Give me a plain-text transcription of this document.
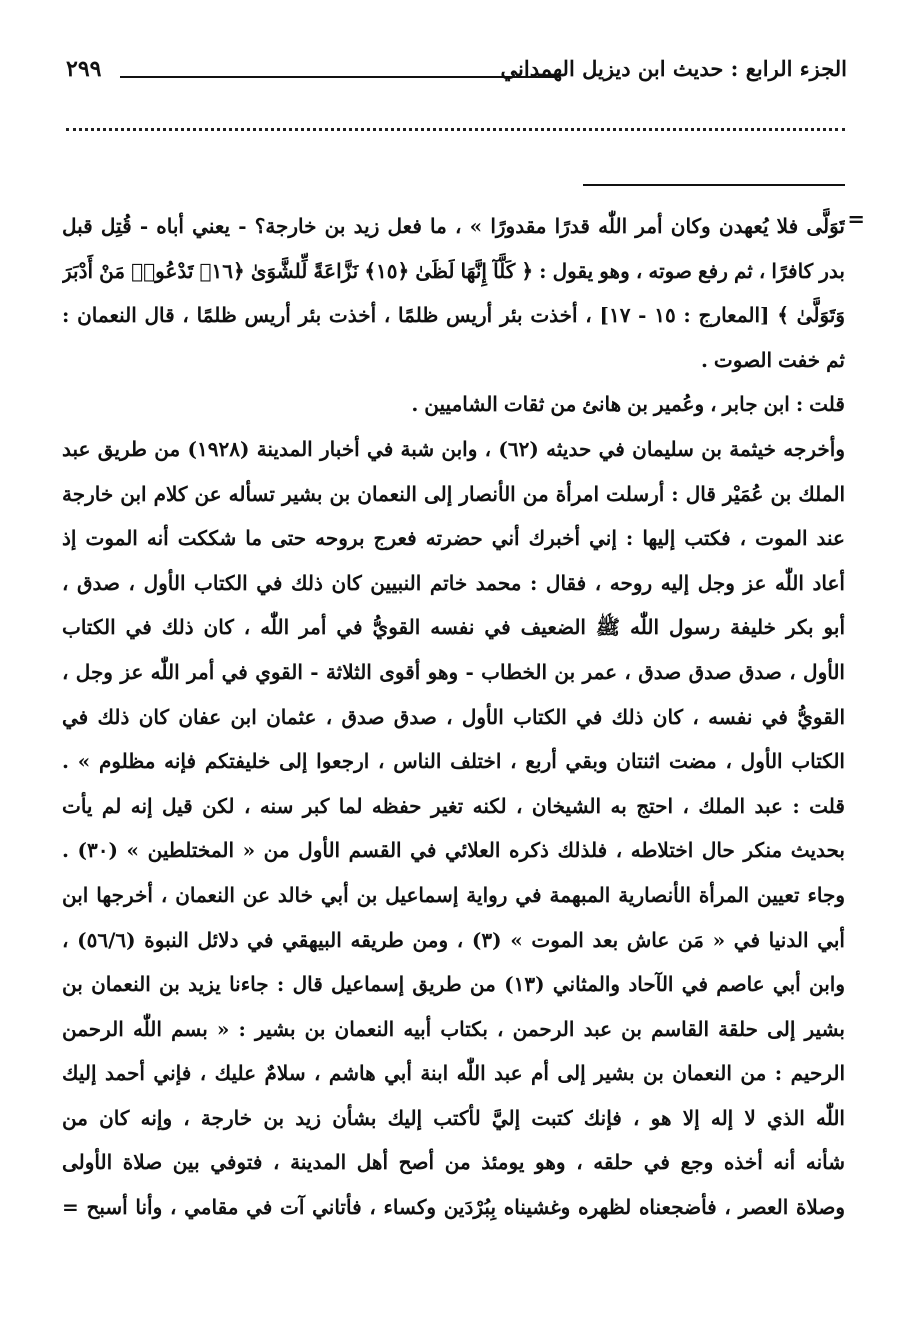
الجزء الرابع : حديث ابن ديزيل الهمداني
٢٩٩
=
تَوَلَّى فلا يُعهدن وكان أمر اللّٰه قدرًا مقدورًا » ، ما فعل زيد بن خارجة؟ - يعني أباه - قُتِل قبل
بدر كافرًا ، ثم رفع صوته ، وهو يقول : ﴿ كَلَّآ إِنَّهَا لَظَىٰ ﴿١٥﴾ نَزَّاعَةً لِّلشَّوَىٰ ﴿١٦﴾ تَدْعُوا۟ مَنْ أَدْبَرَ
وَتَوَلَّىٰ ﴾ [المعارج : ١٥ - ١٧] ، أخذت بئر أريس ظلمًا ، أخذت بئر أريس ظلمًا ، قال النعمان :
ثم خفت الصوت .
قلت : ابن جابر ، وعُمير بن هانئ من ثقات الشاميين .
وأخرجه خيثمة بن سليمان في حديثه (٦٢) ، وابن شبة في أخبار المدينة (١٩٢٨) من طريق عبد
الملك بن عُمَيْر قال : أرسلت امرأة من الأنصار إلى النعمان بن بشير تسأله عن كلام ابن خارجة
عند الموت ، فكتب إليها : إني أخبرك أني حضرته فعرج بروحه حتى ما شككت أنه الموت إذ
أعاد اللّٰه عز وجل إليه روحه ، فقال : محمد خاتم النبيين كان ذلك في الكتاب الأول ، صدق ،
أبو بكر خليفة رسول اللّٰه ﷺ الضعيف في نفسه القويُّ في أمر اللّٰه ، كان ذلك في الكتاب
الأول ، صدق صدق صدق ، عمر بن الخطاب - وهو أقوى الثلاثة - القوي في أمر اللّٰه عز وجل ،
القويُّ في نفسه ، كان ذلك في الكتاب الأول ، صدق صدق ، عثمان ابن عفان كان ذلك في
الكتاب الأول ، مضت اثنتان وبقي أربع ، اختلف الناس ، ارجعوا إلى خليفتكم فإنه مظلوم » .
قلت : عبد الملك ، احتج به الشيخان ، لكنه تغير حفظه لما كبر سنه ، لكن قيل إنه لم يأت
بحديث منكر حال اختلاطه ، فلذلك ذكره العلائي في القسم الأول من « المختلطين » (٣٠) .
وجاء تعيين المرأة الأنصارية المبهمة في رواية إسماعيل بن أبي خالد عن النعمان ، أخرجها ابن
أبي الدنيا في « مَن عاش بعد الموت » (٣) ، ومن طريقه البيهقي في دلائل النبوة (٥٦/٦) ،
وابن أبي عاصم في الآحاد والمثاني (١٣) من طريق إسماعيل قال : جاءنا يزيد بن النعمان بن
بشير إلى حلقة القاسم بن عبد الرحمن ، بكتاب أبيه النعمان بن بشير : « بسم اللّٰه الرحمن
الرحيم : من النعمان بن بشير إلى أم عبد اللّٰه ابنة أبي هاشم ، سلامٌ عليك ، فإني أحمد إليك
اللّٰه الذي لا إله إلا هو ، فإنك كتبت إليَّ لأكتب إليك بشأن زيد بن خارجة ، وإنه كان من
شأنه أنه أخذه وجع في حلقه ، وهو يومئذ من أصح أهل المدينة ، فتوفي بين صلاة الأولى
وصلاة العصر ، فأضجعناه لظهره وغشيناه بِبُرْدَين وكساء ، فأتاني آت في مقامي ، وأنا أسبح =
